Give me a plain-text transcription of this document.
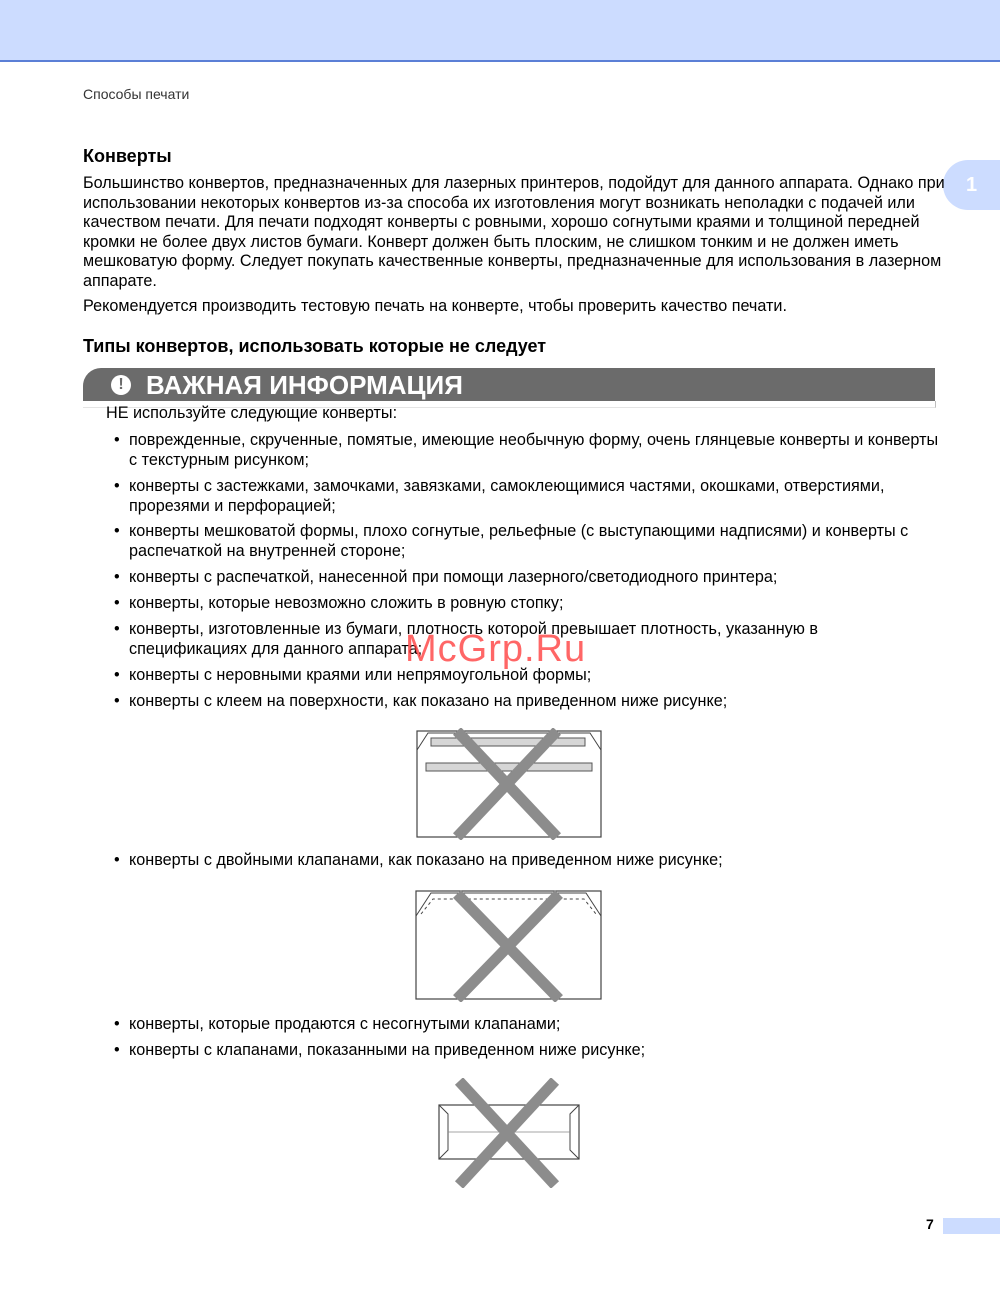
Способы печати
1
Конверты
Большинство конвертов, предназначенных для лазерных принтеров, подойдут для данного аппарата. Однако при использовании некоторых конвертов из-за способа их изготовления могут возникать неполадки с подачей или качеством печати. Для печати подходят конверты с ровными, хорошо согнутыми краями и толщиной передней кромки не более двух листов бумаги. Конверт должен быть плоским, не слишком тонким и не должен иметь мешковатую форму. Следует покупать качественные конверты, предназначенные для использования в лазерном аппарате.
Рекомендуется производить тестовую печать на конверте, чтобы проверить качество печати.
Типы конвертов, использовать которые не следует
! ВАЖНАЯ ИНФОРМАЦИЯ
НЕ используйте следующие конверты:
• поврежденные, скрученные, помятые, имеющие необычную форму, очень глянцевые конверты и конверты с текстурным рисунком;
• конверты с застежками, замочками, завязками, самоклеющимися частями, окошками, отверстиями, прорезями и перфорацией;
• конверты мешковатой формы, плохо согнутые, рельефные (с выступающими надписями) и конверты с распечаткой на внутренней стороне;
• конверты с распечаткой, нанесенной при помощи лазерного/светодиодного принтера;
• конверты, которые невозможно сложить в ровную стопку;
• конверты, изготовленные из бумаги, плотность которой превышает плотность, указанную в спецификациях для данного аппарата;
• конверты с неровными краями или непрямоугольной формы;
• конверты с клеем на поверхности, как показано на приведенном ниже рисунке;
• конверты с двойными клапанами, как показано на приведенном ниже рисунке;
• конверты, которые продаются с несогнутыми клапанами;
• конверты с клапанами, показанными на приведенном ниже рисунке;
McGrp.Ru
7
